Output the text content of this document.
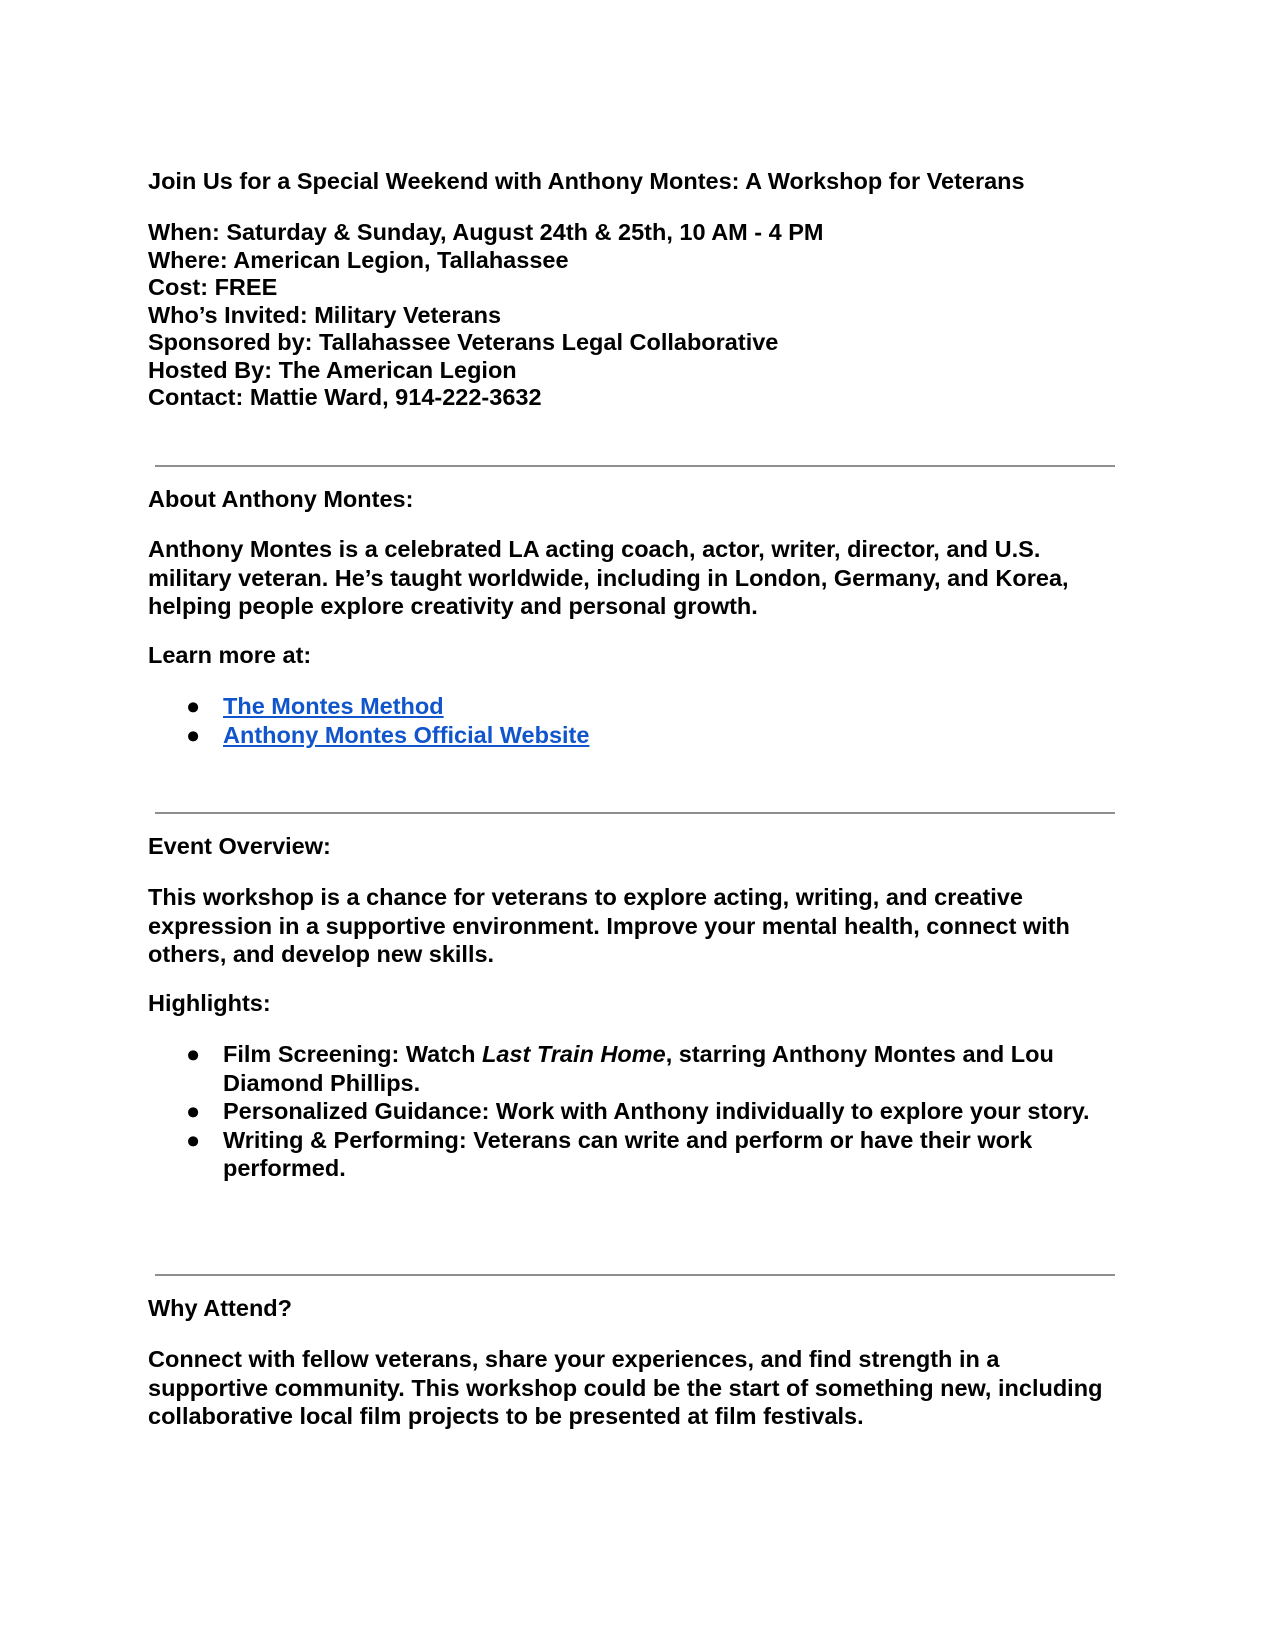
Join Us for a Special Weekend with Anthony Montes: A Workshop for Veterans
When: Saturday & Sunday, August 24th & 25th, 10 AM - 4 PM
Where: American Legion, Tallahassee
Cost: FREE
Who’s Invited: Military Veterans
Sponsored by: Tallahassee Veterans Legal Collaborative
Hosted By: The American Legion
Contact: Mattie Ward, 914-222-3632
About Anthony Montes:
Anthony Montes is a celebrated LA acting coach, actor, writer, director, and U.S. military veteran. He’s taught worldwide, including in London, Germany, and Korea, helping people explore creativity and personal growth.
Learn more at:
● The Montes Method
● Anthony Montes Official Website
Event Overview:
This workshop is a chance for veterans to explore acting, writing, and creative expression in a supportive environment. Improve your mental health, connect with others, and develop new skills.
Highlights:
● Film Screening: Watch Last Train Home, starring Anthony Montes and Lou Diamond Phillips.
● Personalized Guidance: Work with Anthony individually to explore your story.
● Writing & Performing: Veterans can write and perform or have their work performed.
Why Attend?
Connect with fellow veterans, share your experiences, and find strength in a supportive community. This workshop could be the start of something new, including collaborative local film projects to be presented at film festivals.
